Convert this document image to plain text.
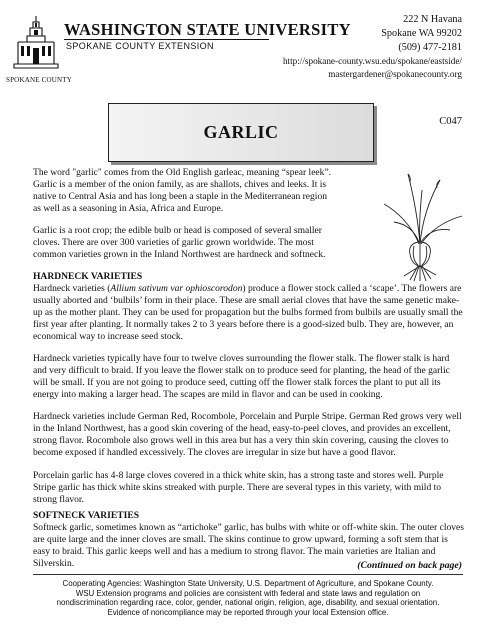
WASHINGTON STATE UNIVERSITY
SPOKANE COUNTY EXTENSION
SPOKANE COUNTY
222 N Havana
Spokane WA 99202
(509) 477-2181
http://spokane-county.wsu.edu/spokane/eastside/
mastergardener@spokanecounty.org
C047
GARLIC
The word "garlic" comes from the Old English garleac, meaning “spear leek”. Garlic is a member of the onion family, as are shallots, chives and leeks. It is native to Central Asia and has long been a staple in the Mediterranean region as well as a seasoning in Asia, Africa and Europe.
Garlic is a root crop; the edible bulb or head is composed of several smaller cloves. There are over 300 varieties of garlic grown worldwide. The most common varieties grown in the Inland Northwest are hardneck and softneck.
HARDNECK VARIETIES
Hardneck varieties (Allium sativum var ophioscorodon) produce a flower stock called a ‘scape’. The flowers are usually aborted and ‘bulbils’ form in their place. These are small aerial cloves that have the same genetic make-up as the mother plant. They can be used for propagation but the bulbs formed from bulbils are usually small the first year after planting. It normally takes 2 to 3 years before there is a good-sized bulb. They are, however, an economical way to increase seed stock.
Hardneck varieties typically have four to twelve cloves surrounding the flower stalk. The flower stalk is hard and very difficult to braid. If you leave the flower stalk on to produce seed for planting, the head of the garlic will be small. If you are not going to produce seed, cutting off the flower stalk forces the plant to put all its energy into making a larger head. The scapes are mild in flavor and can be used in cooking.
Hardneck varieties include German Red, Rocombole, Porcelain and Purple Stripe. German Red grows very well in the Inland Northwest, has a good skin covering of the head, easy-to-peel cloves, and provides an excellent, strong flavor. Rocombole also grows well in this area but has a very thin skin covering, causing the cloves to become exposed if handled excessively. The cloves are irregular in size but have a good flavor.
Porcelain garlic has 4-8 large cloves covered in a thick white skin, has a strong taste and stores well. Purple Stripe garlic has thick white skins streaked with purple. There are several types in this variety, with mild to strong flavor.
SOFTNECK VARIETIES
Softneck garlic, sometimes known as “artichoke” garlic, has bulbs with white or off-white skin. The outer cloves are quite large and the inner cloves are small. The skins continue to grow upward, forming a soft stem that is easy to braid. This garlic keeps well and has a medium to strong flavor. The main varieties are Italian and Silverskin.	(Continued on back page)
Cooperating Agencies: Washington State University, U.S. Department of Agriculture, and Spokane County.
WSU Extension programs and policies are consistent with federal and state laws and regulation on
nondiscrimination regarding race, color, gender, national origin, religion, age, disability, and sexual orientation.
Evidence of noncompliance may be reported through your local Extension office.
